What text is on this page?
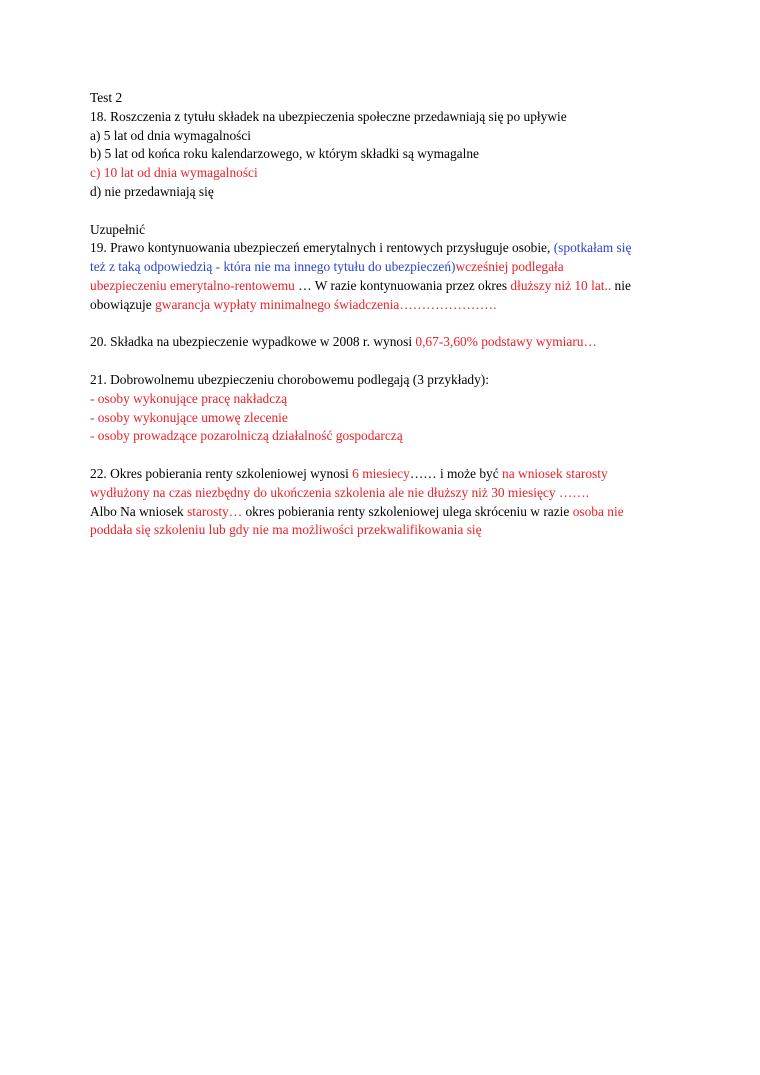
Test 2
18. Roszczenia z tytułu składek na ubezpieczenia społeczne przedawniają się po upływie
a) 5 lat od dnia wymagalności
b) 5 lat od końca roku kalendarzowego, w którym składki są wymagalne
c) 10 lat od dnia wymagalności
d) nie przedawniają się
Uzupełnić
19. Prawo kontynuowania ubezpieczeń emerytalnych i rentowych przysługuje osobie, (spotkałam się
też z taką odpowiedzią - która nie ma innego tytułu do ubezpieczeń)wcześniej podlegała
ubezpieczeniu emerytalno-rentowemu … W razie kontynuowania przez okres dłuższy niż 10 lat.. nie
obowiązuje gwarancja wypłaty minimalnego świadczenia………………….
20. Składka na ubezpieczenie wypadkowe w 2008 r. wynosi 0,67-3,60% podstawy wymiaru…
21. Dobrowolnemu ubezpieczeniu chorobowemu podlegają (3 przykłady):
- osoby wykonujące pracę nakładczą
- osoby wykonujące umowę zlecenie
- osoby prowadzące pozarolniczą działalność gospodarczą
22. Okres pobierania renty szkoleniowej wynosi 6 miesiecy…… i może być na wniosek starosty
wydłużony na czas niezbędny do ukończenia szkolenia ale nie dłuższy niż 30 miesięcy …….
Albo Na wniosek starosty… okres pobierania renty szkoleniowej ulega skróceniu w razie osoba nie
poddała się szkoleniu lub gdy nie ma możliwości przekwalifikowania się
